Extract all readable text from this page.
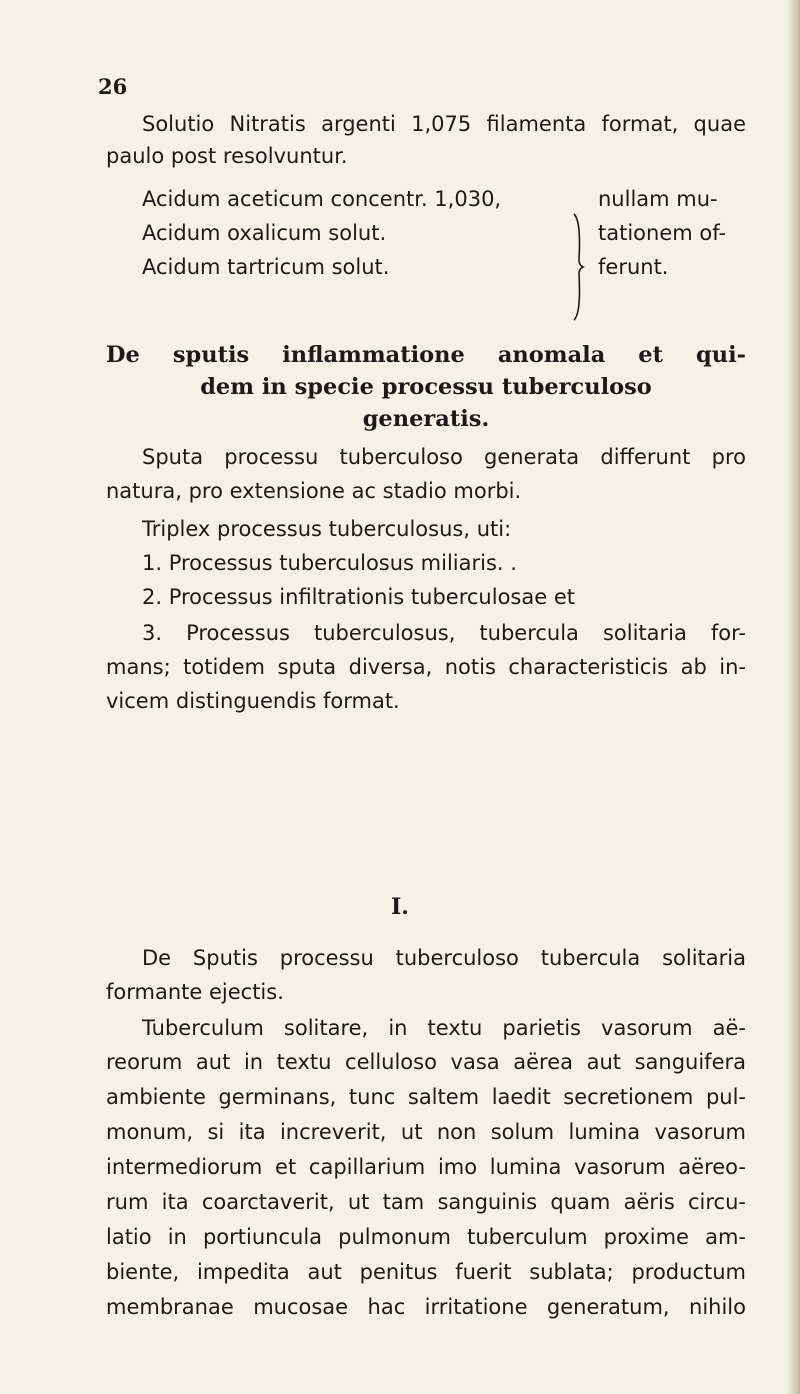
26
Solutio Nitratis argenti 1,075 filamenta format, quae
paulo post resolvuntur.
Acidum aceticum concentr. 1,030,
Acidum oxalicum solut.
Acidum tartricum solut.
nullam mu-
tationem of-
ferunt.
De sputis inflammatione anomala et qui-
dem in specie processu tuberculoso
generatis.
Sputa processu tuberculoso generata differunt pro
natura, pro extensione ac stadio morbi.
Triplex processus tuberculosus, uti:
1. Processus tuberculosus miliaris. .
2. Processus infiltrationis tuberculosae et
3. Processus tuberculosus, tubercula solitaria for-
mans; totidem sputa diversa, notis characteristicis ab in-
vicem distinguendis format.
I.
De Sputis processu tuberculoso tubercula solitaria
formante ejectis.
Tuberculum solitare, in textu parietis vasorum aë-
reorum aut in textu celluloso vasa aërea aut sanguifera
ambiente germinans, tunc saltem laedit secretionem pul-
monum, si ita increverit, ut non solum lumina vasorum
intermediorum et capillarium imo lumina vasorum aëreo-
rum ita coarctaverit, ut tam sanguinis quam aëris circu-
latio in portiuncula pulmonum tuberculum proxime am-
biente, impedita aut penitus fuerit sublata; productum
membranae mucosae hac irritatione generatum, nihilo
